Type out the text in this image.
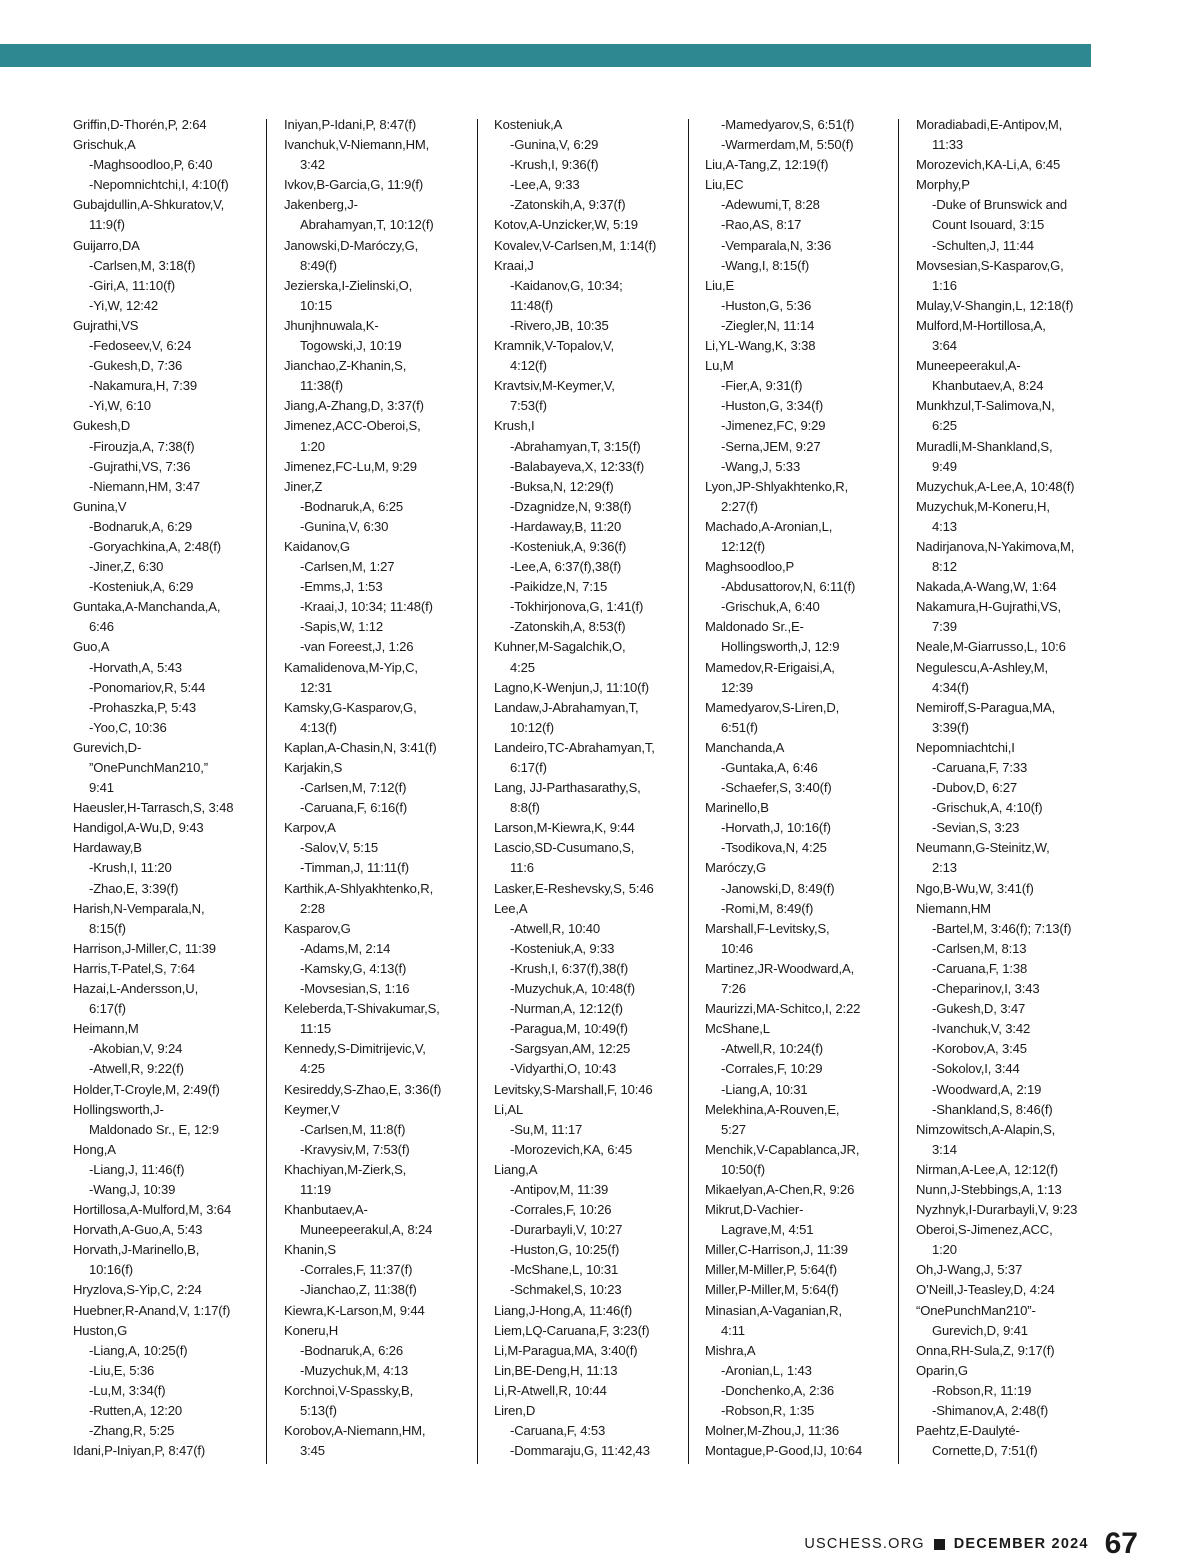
Griffin,D-Thorén,P, 2:64
Grischuk,A
-Maghsoodloo,P, 6:40
-Nepomnichtchi,I, 4:10(f)
Gubajdullin,A-Shkuratov,V,
11:9(f)
Guijarro,DA
-Carlsen,M, 3:18(f)
-Giri,A, 11:10(f)
-Yi,W, 12:42
Gujrathi,VS
-Fedoseev,V, 6:24
-Gukesh,D, 7:36
-Nakamura,H, 7:39
-Yi,W, 6:10
Gukesh,D
-Firouzja,A, 7:38(f)
-Gujrathi,VS, 7:36
-Niemann,HM, 3:47
Gunina,V
-Bodnaruk,A, 6:29
-Goryachkina,A, 2:48(f)
-Jiner,Z, 6:30
-Kosteniuk,A, 6:29
Guntaka,A-Manchanda,A,
6:46
Guo,A
-Horvath,A, 5:43
-Ponomariov,R, 5:44
-Prohaszka,P, 5:43
-Yoo,C, 10:36
Gurevich,D-
”OnePunchMan210,”
9:41
Haeusler,H-Tarrasch,S, 3:48
Handigol,A-Wu,D, 9:43
Hardaway,B
-Krush,I, 11:20
-Zhao,E, 3:39(f)
Harish,N-Vemparala,N,
8:15(f)
Harrison,J-Miller,C, 11:39
Harris,T-Patel,S, 7:64
Hazai,L-Andersson,U,
6:17(f)
Heimann,M
-Akobian,V, 9:24
-Atwell,R, 9:22(f)
Holder,T-Croyle,M, 2:49(f)
Hollingsworth,J-
Maldonado Sr., E, 12:9
Hong,A
-Liang,J, 11:46(f)
-Wang,J, 10:39
Hortillosa,A-Mulford,M, 3:64
Horvath,A-Guo,A, 5:43
Horvath,J-Marinello,B,
10:16(f)
Hryzlova,S-Yip,C, 2:24
Huebner,R-Anand,V, 1:17(f)
Huston,G
-Liang,A, 10:25(f)
-Liu,E, 5:36
-Lu,M, 3:34(f)
-Rutten,A, 12:20
-Zhang,R, 5:25
Idani,P-Iniyan,P, 8:47(f)
Iniyan,P-Idani,P, 8:47(f)
Ivanchuk,V-Niemann,HM,
3:42
Ivkov,B-Garcia,G, 11:9(f)
Jakenberg,J-
Abrahamyan,T, 10:12(f)
Janowski,D-Maróczy,G,
8:49(f)
Jezierska,I-Zielinski,O,
10:15
Jhunjhnuwala,K-
Togowski,J, 10:19
Jianchao,Z-Khanin,S,
11:38(f)
Jiang,A-Zhang,D, 3:37(f)
Jimenez,ACC-Oberoi,S,
1:20
Jimenez,FC-Lu,M, 9:29
Jiner,Z
-Bodnaruk,A, 6:25
-Gunina,V, 6:30
Kaidanov,G
-Carlsen,M, 1:27
-Emms,J, 1:53
-Kraai,J, 10:34; 11:48(f)
-Sapis,W, 1:12
-van Foreest,J, 1:26
Kamalidenova,M-Yip,C,
12:31
Kamsky,G-Kasparov,G,
4:13(f)
Kaplan,A-Chasin,N, 3:41(f)
Karjakin,S
-Carlsen,M, 7:12(f)
-Caruana,F, 6:16(f)
Karpov,A
-Salov,V, 5:15
-Timman,J, 11:11(f)
Karthik,A-Shlyakhtenko,R,
2:28
Kasparov,G
-Adams,M, 2:14
-Kamsky,G, 4:13(f)
-Movsesian,S, 1:16
Keleberda,T-Shivakumar,S,
11:15
Kennedy,S-Dimitrijevic,V,
4:25
Kesireddy,S-Zhao,E, 3:36(f)
Keymer,V
-Carlsen,M, 11:8(f)
-Kravysiv,M, 7:53(f)
Khachiyan,M-Zierk,S,
11:19
Khanbutaev,A-
Muneepeerakul,A, 8:24
Khanin,S
-Corrales,F, 11:37(f)
-Jianchao,Z, 11:38(f)
Kiewra,K-Larson,M, 9:44
Koneru,H
-Bodnaruk,A, 6:26
-Muzychuk,M, 4:13
Korchnoi,V-Spassky,B,
5:13(f)
Korobov,A-Niemann,HM,
3:45
Kosteniuk,A
-Gunina,V, 6:29
-Krush,I, 9:36(f)
-Lee,A, 9:33
-Zatonskih,A, 9:37(f)
Kotov,A-Unzicker,W, 5:19
Kovalev,V-Carlsen,M, 1:14(f)
Kraai,J
-Kaidanov,G, 10:34;
11:48(f)
-Rivero,JB, 10:35
Kramnik,V-Topalov,V,
4:12(f)
Kravtsiv,M-Keymer,V,
7:53(f)
Krush,I
-Abrahamyan,T, 3:15(f)
-Balabayeva,X, 12:33(f)
-Buksa,N, 12:29(f)
-Dzagnidze,N, 9:38(f)
-Hardaway,B, 11:20
-Kosteniuk,A, 9:36(f)
-Lee,A, 6:37(f),38(f)
-Paikidze,N, 7:15
-Tokhirjonova,G, 1:41(f)
-Zatonskih,A, 8:53(f)
Kuhner,M-Sagalchik,O,
4:25
Lagno,K-Wenjun,J, 11:10(f)
Landaw,J-Abrahamyan,T,
10:12(f)
Landeiro,TC-Abrahamyan,T,
6:17(f)
Lang, JJ-Parthasarathy,S,
8:8(f)
Larson,M-Kiewra,K, 9:44
Lascio,SD-Cusumano,S,
11:6
Lasker,E-Reshevsky,S, 5:46
Lee,A
-Atwell,R, 10:40
-Kosteniuk,A, 9:33
-Krush,I, 6:37(f),38(f)
-Muzychuk,A, 10:48(f)
-Nurman,A, 12:12(f)
-Paragua,M, 10:49(f)
-Sargsyan,AM, 12:25
-Vidyarthi,O, 10:43
Levitsky,S-Marshall,F, 10:46
Li,AL
-Su,M, 11:17
-Morozevich,KA, 6:45
Liang,A
-Antipov,M, 11:39
-Corrales,F, 10:26
-Durarbayli,V, 10:27
-Huston,G, 10:25(f)
-McShane,L, 10:31
-Schmakel,S, 10:23
Liang,J-Hong,A, 11:46(f)
Liem,LQ-Caruana,F, 3:23(f)
Li,M-Paragua,MA, 3:40(f)
Lin,BE-Deng,H, 11:13
Li,R-Atwell,R, 10:44
Liren,D
-Caruana,F, 4:53
-Dommaraju,G, 11:42,43
-Mamedyarov,S, 6:51(f)
-Warmerdam,M, 5:50(f)
Liu,A-Tang,Z, 12:19(f)
Liu,EC
-Adewumi,T, 8:28
-Rao,AS, 8:17
-Vemparala,N, 3:36
-Wang,I, 8:15(f)
Liu,E
-Huston,G, 5:36
-Ziegler,N, 11:14
Li,YL-Wang,K, 3:38
Lu,M
-Fier,A, 9:31(f)
-Huston,G, 3:34(f)
-Jimenez,FC, 9:29
-Serna,JEM, 9:27
-Wang,J, 5:33
Lyon,JP-Shlyakhtenko,R,
2:27(f)
Machado,A-Aronian,L,
12:12(f)
Maghsoodloo,P
-Abdusattorov,N, 6:11(f)
-Grischuk,A, 6:40
Maldonado Sr.,E-
Hollingsworth,J, 12:9
Mamedov,R-Erigaisi,A,
12:39
Mamedyarov,S-Liren,D,
6:51(f)
Manchanda,A
-Guntaka,A, 6:46
-Schaefer,S, 3:40(f)
Marinello,B
-Horvath,J, 10:16(f)
-Tsodikova,N, 4:25
Maróczy,G
-Janowski,D, 8:49(f)
-Romi,M, 8:49(f)
Marshall,F-Levitsky,S,
10:46
Martinez,JR-Woodward,A,
7:26
Maurizzi,MA-Schitco,I, 2:22
McShane,L
-Atwell,R, 10:24(f)
-Corrales,F, 10:29
-Liang,A, 10:31
Melekhina,A-Rouven,E,
5:27
Menchik,V-Capablanca,JR,
10:50(f)
Mikaelyan,A-Chen,R, 9:26
Mikrut,D-Vachier-
Lagrave,M, 4:51
Miller,C-Harrison,J, 11:39
Miller,M-Miller,P, 5:64(f)
Miller,P-Miller,M, 5:64(f)
Minasian,A-Vaganian,R,
4:11
Mishra,A
-Aronian,L, 1:43
-Donchenko,A, 2:36
-Robson,R, 1:35
Molner,M-Zhou,J, 11:36
Montague,P-Good,IJ, 10:64
Moradiabadi,E-Antipov,M,
11:33
Morozevich,KA-Li,A, 6:45
Morphy,P
-Duke of Brunswick and
Count Isouard, 3:15
-Schulten,J, 11:44
Movsesian,S-Kasparov,G,
1:16
Mulay,V-Shangin,L, 12:18(f)
Mulford,M-Hortillosa,A,
3:64
Muneepeerakul,A-
Khanbutaev,A, 8:24
Munkhzul,T-Salimova,N,
6:25
Muradli,M-Shankland,S,
9:49
Muzychuk,A-Lee,A, 10:48(f)
Muzychuk,M-Koneru,H,
4:13
Nadirjanova,N-Yakimova,M,
8:12
Nakada,A-Wang,W, 1:64
Nakamura,H-Gujrathi,VS,
7:39
Neale,M-Giarrusso,L, 10:6
Negulescu,A-Ashley,M,
4:34(f)
Nemiroff,S-Paragua,MA,
3:39(f)
Nepomniachtchi,I
-Caruana,F, 7:33
-Dubov,D, 6:27
-Grischuk,A, 4:10(f)
-Sevian,S, 3:23
Neumann,G-Steinitz,W,
2:13
Ngo,B-Wu,W, 3:41(f)
Niemann,HM
-Bartel,M, 3:46(f); 7:13(f)
-Carlsen,M, 8:13
-Caruana,F, 1:38
-Cheparinov,I, 3:43
-Gukesh,D, 3:47
-Ivanchuk,V, 3:42
-Korobov,A, 3:45
-Sokolov,I, 3:44
-Woodward,A, 2:19
-Shankland,S, 8:46(f)
Nimzowitsch,A-Alapin,S,
3:14
Nirman,A-Lee,A, 12:12(f)
Nunn,J-Stebbings,A, 1:13
Nyzhnyk,I-Durarbayli,V, 9:23
Oberoi,S-Jimenez,ACC,
1:20
Oh,J-Wang,J, 5:37
O’Neill,J-Teasley,D, 4:24
“OnePunchMan210”-
Gurevich,D, 9:41
Onna,RH-Sula,Z, 9:17(f)
Oparin,G
-Robson,R, 11:19
-Shimanov,A, 2:48(f)
Paehtz,E-Daulyté-
Cornette,D, 7:51(f)
USCHESS.ORG DECEMBER 2024 67
